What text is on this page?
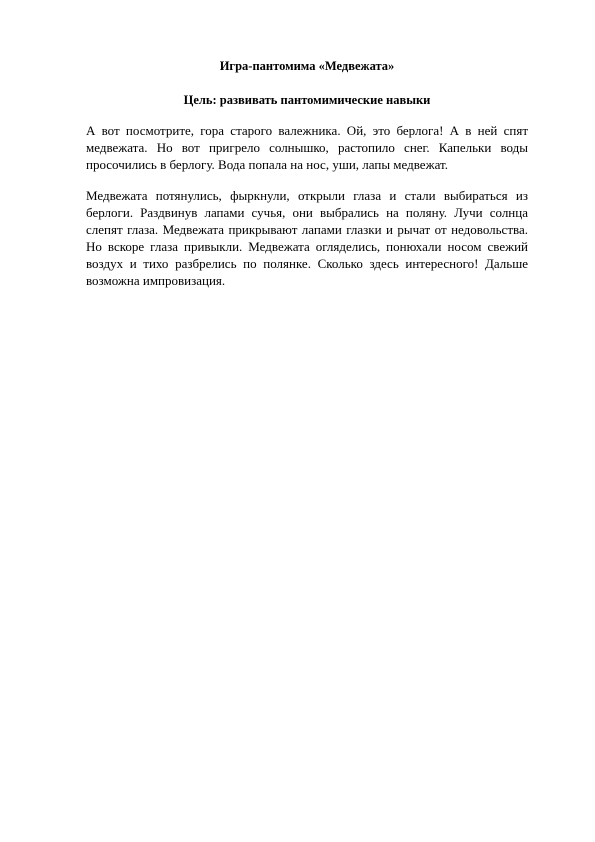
Игра-пантомима «Медвежата»
Цель: развивать пантомимические навыки

А вот посмотрите, гора старого валежника. Ой, это берлога! А в ней спят медвежата. Но вот пригрело солнышко, растопило снег. Капельки воды просочились в берлогу. Вода попала на нос, уши, лапы медвежат.

Медвежата потянулись, фыркнули, открыли глаза и стали выбираться из берлоги. Раздвинув лапами сучья, они выбрались на поляну. Лучи солнца слепят глаза. Медвежата прикрывают лапами глазки и рычат от недовольства. Но вскоре глаза привыкли. Медвежата огляделись, понюхали носом свежий воздух и тихо разбрелись по полянке. Сколько здесь интересного! Дальше возможна импровизация.
